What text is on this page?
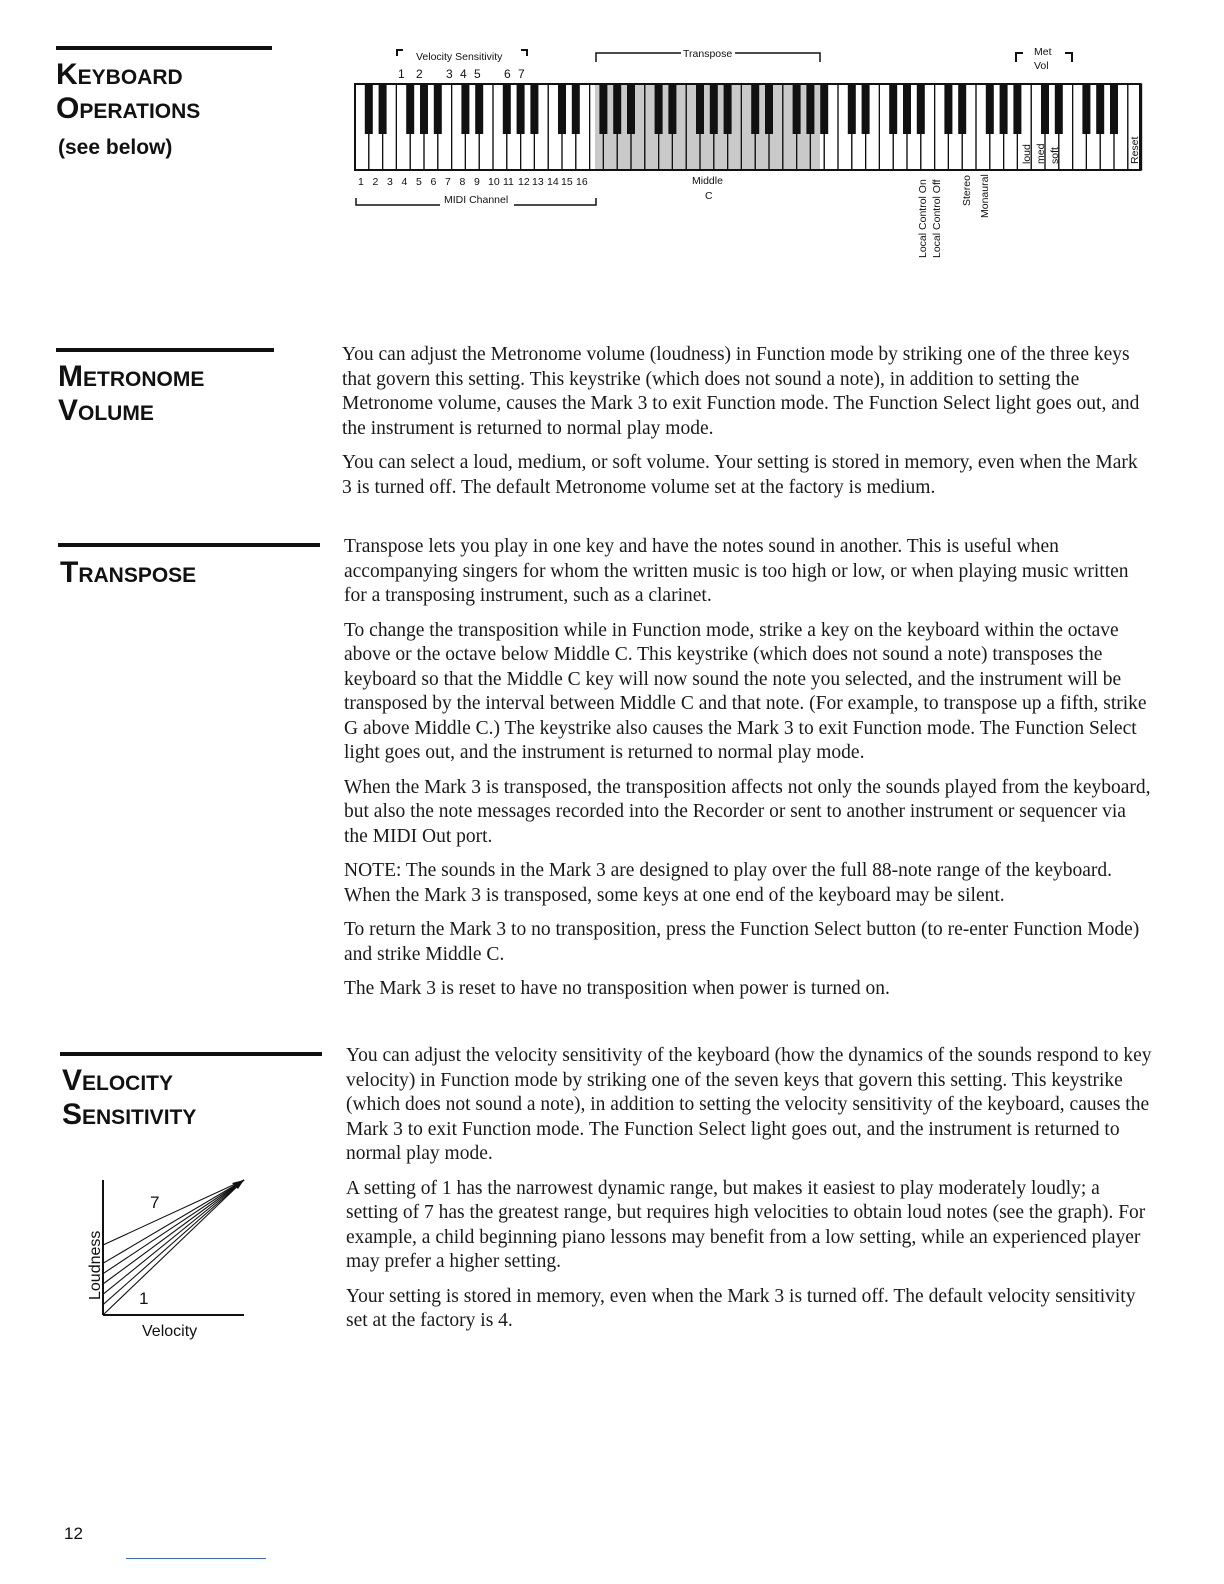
Keyboard
Operations
(see below)
Velocity Sensitivity
1 2 3 4 5 6 7
Transpose	Met
Vol
1 2 3 4 5 6 7 8 9 10 11 12 13 14 15 16
MIDI Channel
Middle
C	Local Control On Local Control Off Stereo Monaural
loud med soft	Reset
Metronome
Volume

You can adjust the Metronome volume (loudness) in Function mode by striking one of the three keys that govern this setting. This keystrike (which does not sound a note), in addition to setting the Metronome volume, causes the Mark 3 to exit Function mode. The Function Select light goes out, and the instrument is returned to normal play mode.

You can select a loud, medium, or soft volume. Your setting is stored in memory, even when the Mark 3 is turned off. The default Metronome volume set at the factory is medium.

Transpose

Transpose lets you play in one key and have the notes sound in another. This is useful when accompanying singers for whom the written music is too high or low, or when playing music written for a transposing instrument, such as a clarinet.

To change the transposition while in Function mode, strike a key on the keyboard within the octave above or the octave below Middle C. This keystrike (which does not sound a note) transposes the keyboard so that the Middle C key will now sound the note you selected, and the instrument will be transposed by the interval between Middle C and that note. (For example, to transpose up a fifth, strike G above Middle C.) The keystrike also causes the Mark 3 to exit Function mode. The Function Select light goes out, and the instrument is returned to normal play mode.

When the Mark 3 is transposed, the transposition affects not only the sounds played from the keyboard, but also the note messages recorded into the Recorder or sent to another instrument or sequencer via the MIDI Out port.

NOTE: The sounds in the Mark 3 are designed to play over the full 88-note range of the keyboard. When the Mark 3 is transposed, some keys at one end of the keyboard may be silent.

To return the Mark 3 to no transposition, press the Function Select button (to re-enter Function Mode) and strike Middle C.

The Mark 3 is reset to have no transposition when power is turned on.

Velocity
Sensitivity

You can adjust the velocity sensitivity of the keyboard (how the dynamics of the sounds respond to key velocity) in Function mode by striking one of the seven keys that govern this setting. This keystrike (which does not sound a note), in addition to setting the velocity sensitivity of the keyboard, causes the Mark 3 to exit Function mode. The Function Select light goes out, and the instrument is returned to normal play mode.

A setting of 1 has the narrowest dynamic range, but makes it easiest to play moderately loudly; a setting of 7 has the greatest range, but requires high velocities to obtain loud notes (see the graph). For example, a child beginning piano lessons may benefit from a low setting, while an experienced player may prefer a higher setting.

Your setting is stored in memory, even when the Mark 3 is turned off. The default velocity sensitivity set at the factory is 4.

Loudness
Velocity
7
1
12
